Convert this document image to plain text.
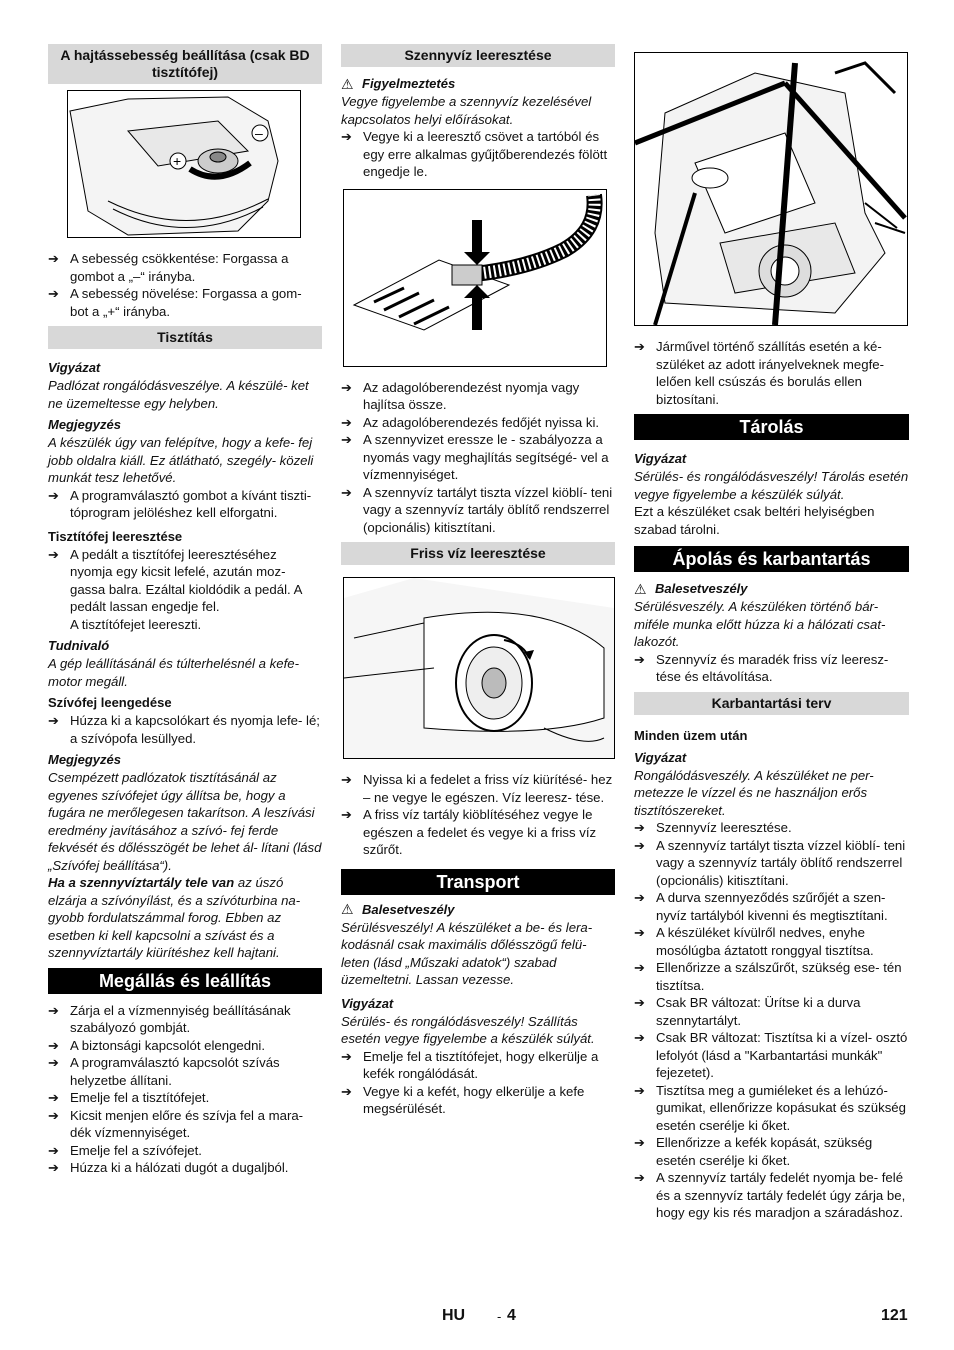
A hajtássebesség beállítása (csak BD tisztítófej)
+
–
➔ A sebesség csökkentése: Forgassa a gombot a „–“ irányba.
➔ A sebesség növelése: Forgassa a gom- bot a „+“ irányba.
Tisztítás
Vigyázat
Padlózat rongálódásveszélye. A készülé- ket ne üzemeltesse egy helyben.
Megjegyzés
A készülék úgy van felépítve, hogy a kefe- fej jobb oldalra kiáll. Ez átlátható, szegély- közeli munkát tesz lehetővé.
➔ A programválasztó gombot a kívánt tiszti- tóprogram jelöléshez kell elforgatni.
Tisztítófej leeresztése
➔ A pedált a tisztítófej leeresztéséhez nyomja egy kicsit lefelé, azután moz- gassa balra. Ezáltal kioldódik a pedál. A pedált lassan engedje fel.
A tisztítófejet leereszti.
Tudnivaló
A gép leállításánál és túlterhelésnél a kefe- motor megáll.
Szívófej leengedése
➔ Húzza ki a kapcsolókart és nyomja lefe- lé; a szívópofa lesüllyed.
Megjegyzés
Csempézett padlózatok tisztításánál az egyenes szívófejet úgy állítsa be, hogy a fugára ne merőlegesen takarítson. A leszívási eredmény javításához a szívó- fej ferde fekvését és dőlésszögét be lehet ál- lítani (lásd „Szívófej beállítása“).
Ha a szennyvíztartály tele van az úszó elzárja a szívónyílást, és a szívóturbina na- gyobb fordulatszámmal forog. Ebben az esetben ki kell kapcsolni a szívást és a szennyvíztartály kiürítéshez kell hajtani.
Megállás és leállítás
➔ Zárja el a vízmennyiség beállításának szabályozó gombját.
➔ A biztonsági kapcsolót elengedni.
➔ A programválasztó kapcsolót szívás helyzetbe állítani.
➔ Emelje fel a tisztítófejet.
➔ Kicsit menjen előre és szívja fel a mara- dék vízmennyiséget.
➔ Emelje fel a szívófejet.
➔ Húzza ki a hálózati dugót a dugaljból.
Szennyvíz leeresztése
⚠ Figyelmeztetés
Vegye figyelembe a szennyvíz kezelésével kapcsolatos helyi előírásokat.
➔ Vegye ki a leeresztő csövet a tartóból és egy erre alkalmas gyűjtőberendezés fölött engedje le.
➔ Az adagolóberendezést nyomja vagy hajlítsa össze.
➔ Az adagolóberendezés fedőjét nyissa ki.
➔ A szennyvizet eressze le - szabályozza a nyomás vagy meghajlítás segítségé- vel a vízmennyiséget.
➔ A szennyvíz tartályt tiszta vízzel kiöblí- teni vagy a szennyvíz tartály öblítő rendszerrel (opcionális) kitisztítani.
Friss víz leeresztése
➔ Nyissa ki a fedelet a friss víz kiürítésé- hez – ne vegye le egészen. Víz leeresz- tése.
➔ A friss víz tartály kiöblítéséhez vegye le egészen a fedelet és vegye ki a friss víz szűrőt.
Transport
⚠ Balesetveszély
Sérülésveszély! A készüléket a be- és lera- kodásnál csak maximális dőlésszögű felü- leten (lásd „Műszaki adatok“) szabad üzemeltetni. Lassan vezesse.
Vigyázat
Sérülés- és rongálódásveszély! Szállítás esetén vegye figyelembe a készülék súlyát.
➔ Emelje fel a tisztítófejet, hogy elkerülje a kefék rongálódását.
➔ Vegye ki a kefét, hogy elkerülje a kefe megsérülését.
➔ Járművel történő szállítás esetén a ké- szüléket az adott irányelveknek megfe- lelően kell csúszás és borulás ellen biztosítani.
Tárolás
Vigyázat
Sérülés- és rongálódásveszély! Tárolás esetén vegye figyelembe a készülék súlyát.
Ezt a készüléket csak beltéri helyiségben szabad tárolni.
Ápolás és karbantartás
⚠ Balesetveszély
Sérülésveszély. A készüléken történő bár- miféle munka előtt húzza ki a hálózati csat- lakozót.
➔ Szennyvíz és maradék friss víz leeresz- tése és eltávolítása.
Karbantartási terv
Minden üzem után
Vigyázat
Rongálódásveszély. A készüléket ne per- metezze le vízzel és ne használjon erős tisztítószereket.
➔ Szennyvíz leeresztése.
➔ A szennyvíz tartályt tiszta vízzel kiöblí- teni vagy a szennyvíz tartály öblítő rendszerrel (opcionális) kitisztítani.
➔ A durva szennyeződés szűrőjét a szen- nyvíz tartályból kivenni és megtisztítani.
➔ A készüléket kívülről nedves, enyhe mosólúgba áztatott ronggyal tisztítsa.
➔ Ellenőrizze a szálszűrőt, szükség ese- tén tisztítsa.
➔ Csak BR változat: Ürítse ki a durva szennytartályt.
➔ Csak BR változat: Tisztítsa ki a vízel- osztó lefolyót (lásd a "Karbantartási munkák" fejezetet).
➔ Tisztítsa meg a gumiéleket és a lehúzó- gumikat, ellenőrizze kopásukat és szükség esetén cserélje ki őket.
➔ Ellenőrizze a kefék kopását, szükség esetén cserélje ki őket.
➔ A szennyvíz tartály fedelét nyomja be- felé és a szennyvíz tartály fedelét úgy zárja be, hogy egy kis rés maradjon a száradáshoz.
HU - 4	121
